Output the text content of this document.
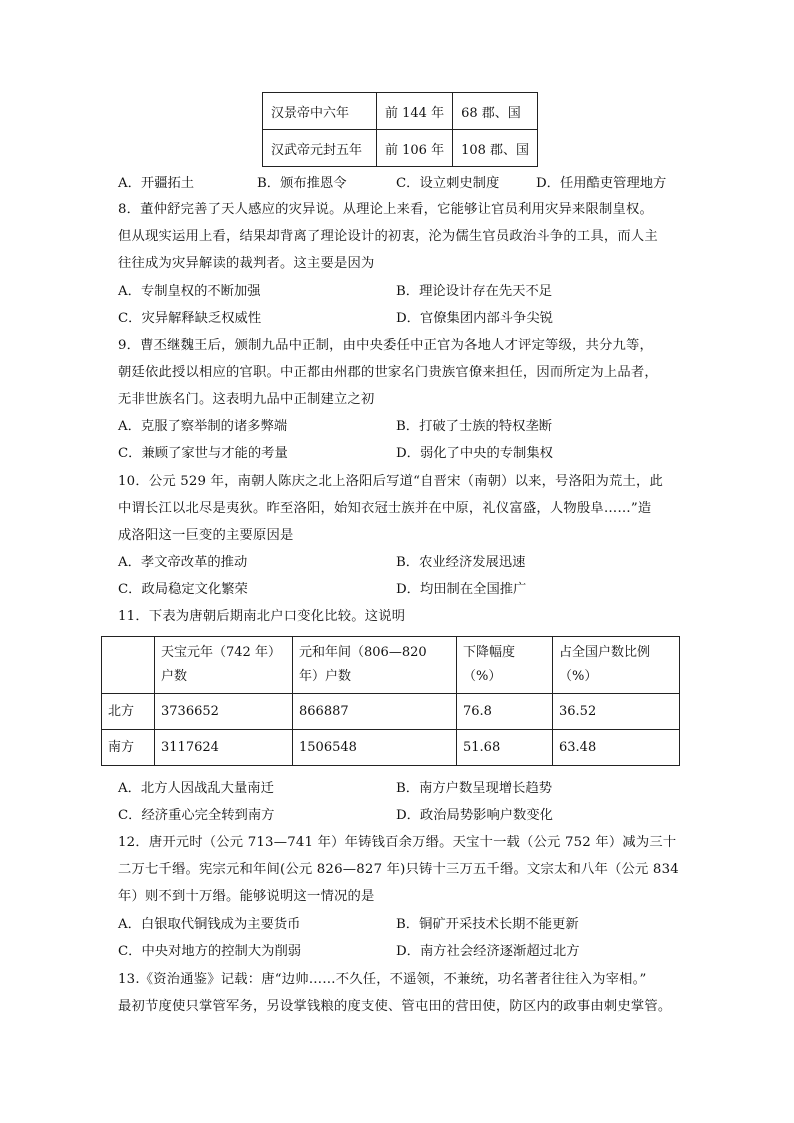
汉景帝中六年	前 144 年	68 郡、国
汉武帝元封五年	前 106 年	108 郡、国
A．开疆拓土	B．颁布推恩令	C．设立刺史制度	D．任用酷吏管理地方
8．董仲舒完善了天人感应的灾异说。从理论上来看，它能够让官员利用灾异来限制皇权。
但从现实运用上看，结果却背离了理论设计的初衷，沦为儒生官员政治斗争的工具，而人主
往往成为灾异解读的裁判者。这主要是因为
A．专制皇权的不断加强	B．理论设计存在先天不足
C．灾异解释缺乏权威性	D．官僚集团内部斗争尖锐
9．曹丕继魏王后，颁制九品中正制，由中央委任中正官为各地人才评定等级，共分九等，
朝廷依此授以相应的官职。中正都由州郡的世家名门贵族官僚来担任，因而所定为上品者，
无非世族名门。这表明九品中正制建立之初
A．克服了察举制的诸多弊端	B．打破了士族的特权垄断
C．兼顾了家世与才能的考量	D．弱化了中央的专制集权
10．公元 529 年，南朝人陈庆之北上洛阳后写道“自晋宋（南朝）以来，号洛阳为荒土，此
中谓长江以北尽是夷狄。昨至洛阳，始知衣冠士族并在中原，礼仪富盛，人物殷阜……”造
成洛阳这一巨变的主要原因是
A．孝文帝改革的推动	B．农业经济发展迅速
C．政局稳定文化繁荣	D．均田制在全国推广
11．下表为唐朝后期南北户口变化比较。这说明
	天宝元年（742 年）户数	元和年间（806—820 年）户数	下降幅度（%）	占全国户数比例（%）
北方	3736652	866887	76.8	36.52
南方	3117624	1506548	51.68	63.48
A．北方人因战乱大量南迁	B．南方户数呈现增长趋势
C．经济重心完全转到南方	D．政治局势影响户数变化
12．唐开元时（公元 713—741 年）年铸钱百余万缗。天宝十一载（公元 752 年）减为三十
二万七千缗。宪宗元和年间(公元 826—827 年)只铸十三万五千缗。文宗太和八年（公元 834
年）则不到十万缗。能够说明这一情况的是
A．白银取代铜钱成为主要货币	B．铜矿开采技术长期不能更新
C．中央对地方的控制大为削弱	D．南方社会经济逐渐超过北方
13.《资治通鉴》记载：唐“边帅……不久任，不遥领，不兼统，功名著者往往入为宰相。”
最初节度使只掌管军务，另设掌钱粮的度支使、管屯田的营田使，防区内的政事由刺史掌管。
